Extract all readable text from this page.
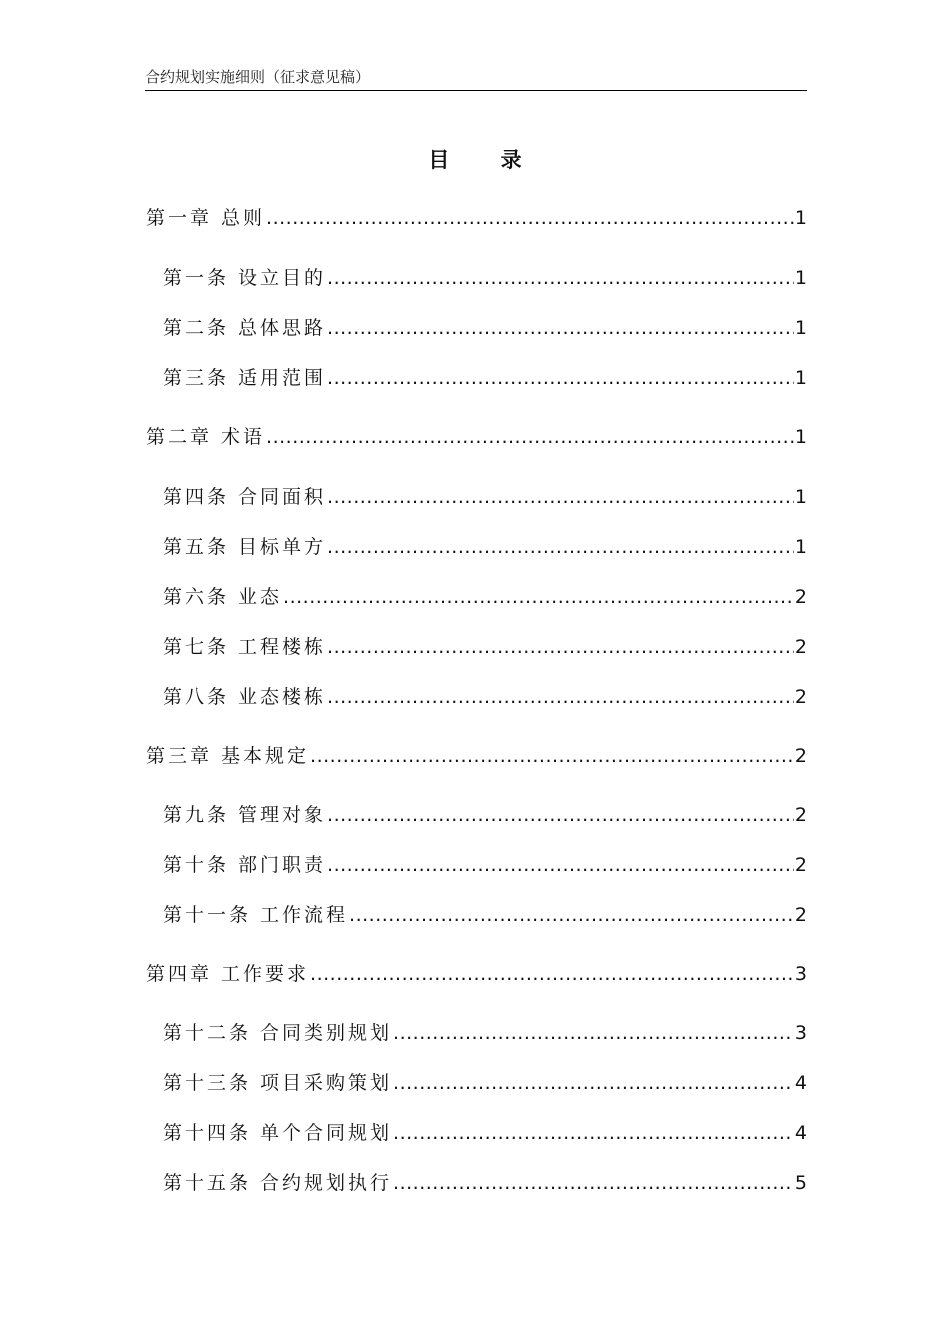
合约规划实施细则（征求意见稿）
目 录
第一章 总则 .....	1
第一条 设立目的 .....	1
第二条 总体思路 .....	1
第三条 适用范围 .....	1
第二章 术语 .....	1
第四条 合同面积 .....	1
第五条 目标单方 .....	1
第六条 业态 .....	2
第七条 工程楼栋 .....	2
第八条 业态楼栋 .....	2
第三章 基本规定 .....	2
第九条 管理对象 .....	2
第十条 部门职责 .....	2
第十一条 工作流程 .....	2
第四章 工作要求 .....	3
第十二条 合同类别规划 .....	3
第十三条 项目采购策划 .....	4
第十四条 单个合同规划 .....	4
第十五条 合约规划执行 .....	5
